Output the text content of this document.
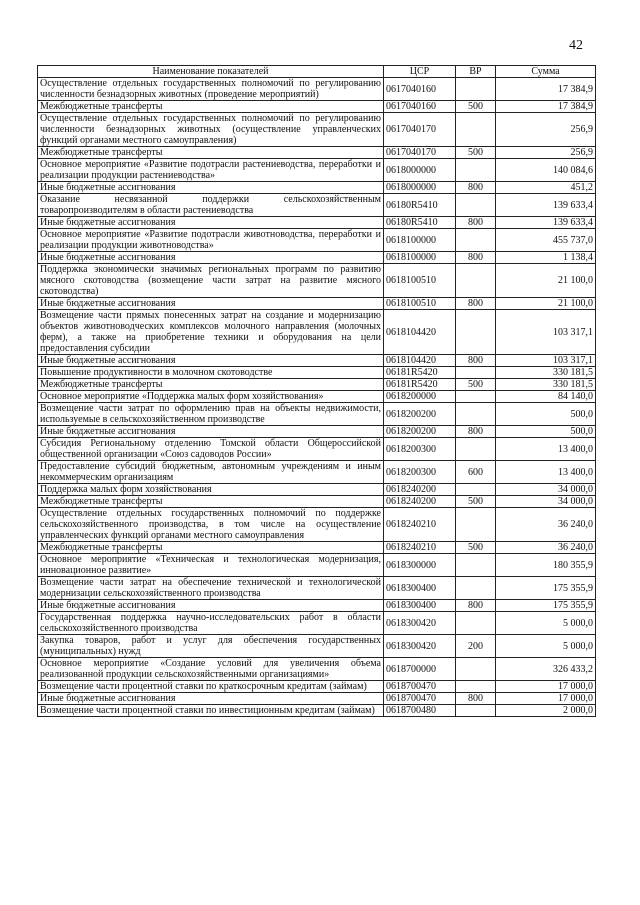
42
Наименование показателей	ЦСР	ВР	Сумма
Осуществление отдельных государственных полномочий по регулированию численности безнадзорных животных (проведение мероприятий)	0617040160		17 384,9
Межбюджетные трансферты	0617040160	500	17 384,9
Осуществление отдельных государственных полномочий по регулированию численности безнадзорных животных (осуществление управленческих функций органами местного самоуправления)	0617040170		256,9
Межбюджетные трансферты	0617040170	500	256,9
Основное мероприятие «Развитие подотрасли растениеводства, переработки и реализации продукции растениеводства»	0618000000		140 084,6
Иные бюджетные ассигнования	0618000000	800	451,2
Оказание несвязанной поддержки сельскохозяйственным товаропроизводителям в области растениеводства	06180R5410		139 633,4
Иные бюджетные ассигнования	06180R5410	800	139 633,4
Основное мероприятие «Развитие подотрасли животноводства, переработки и реализации продукции животноводства»	0618100000		455 737,0
Иные бюджетные ассигнования	0618100000	800	1 138,4
Поддержка экономически значимых региональных программ по развитию мясного скотоводства (возмещение части затрат на развитие мясного скотоводства)	0618100510		21 100,0
Иные бюджетные ассигнования	0618100510	800	21 100,0
Возмещение части прямых понесенных затрат на создание и модернизацию объектов животноводческих комплексов молочного направления (молочных ферм), а также на приобретение техники и оборудования на цели предоставления субсидии	0618104420		103 317,1
Иные бюджетные ассигнования	0618104420	800	103 317,1
Повышение продуктивности в молочном скотоводстве	06181R5420		330 181,5
Межбюджетные трансферты	06181R5420	500	330 181,5
Основное мероприятие «Поддержка малых форм хозяйствования»	0618200000		84 140,0
Возмещение части затрат по оформлению прав на объекты недвижимости, используемые в сельскохозяйственном производстве	0618200200		500,0
Иные бюджетные ассигнования	0618200200	800	500,0
Субсидия Региональному отделению Томской области Общероссийской общественной организации «Союз садоводов России»	0618200300		13 400,0
Предоставление субсидий бюджетным, автономным учреждениям и иным некоммерческим организациям	0618200300	600	13 400,0
Поддержка малых форм хозяйствования	0618240200		34 000,0
Межбюджетные трансферты	0618240200	500	34 000,0
Осуществление отдельных государственных полномочий по поддержке сельскохозяйственного производства, в том числе на осуществление управленческих функций органами местного самоуправления	0618240210		36 240,0
Межбюджетные трансферты	0618240210	500	36 240,0
Основное мероприятие «Техническая и технологическая модернизация, инновационное развитие»	0618300000		180 355,9
Возмещение части затрат на обеспечение технической и технологической модернизации сельскохозяйственного производства	0618300400		175 355,9
Иные бюджетные ассигнования	0618300400	800	175 355,9
Государственная поддержка научно-исследовательских работ в области сельскохозяйственного производства	0618300420		5 000,0
Закупка товаров, работ и услуг для обеспечения государственных (муниципальных) нужд	0618300420	200	5 000,0
Основное мероприятие «Создание условий для увеличения объема реализованной продукции сельскохозяйственными организациями»	0618700000		326 433,2
Возмещение части процентной ставки по краткосрочным кредитам (займам)	0618700470		17 000,0
Иные бюджетные ассигнования	0618700470	800	17 000,0
Возмещение части процентной ставки по инвестиционным кредитам (займам)	0618700480		2 000,0
